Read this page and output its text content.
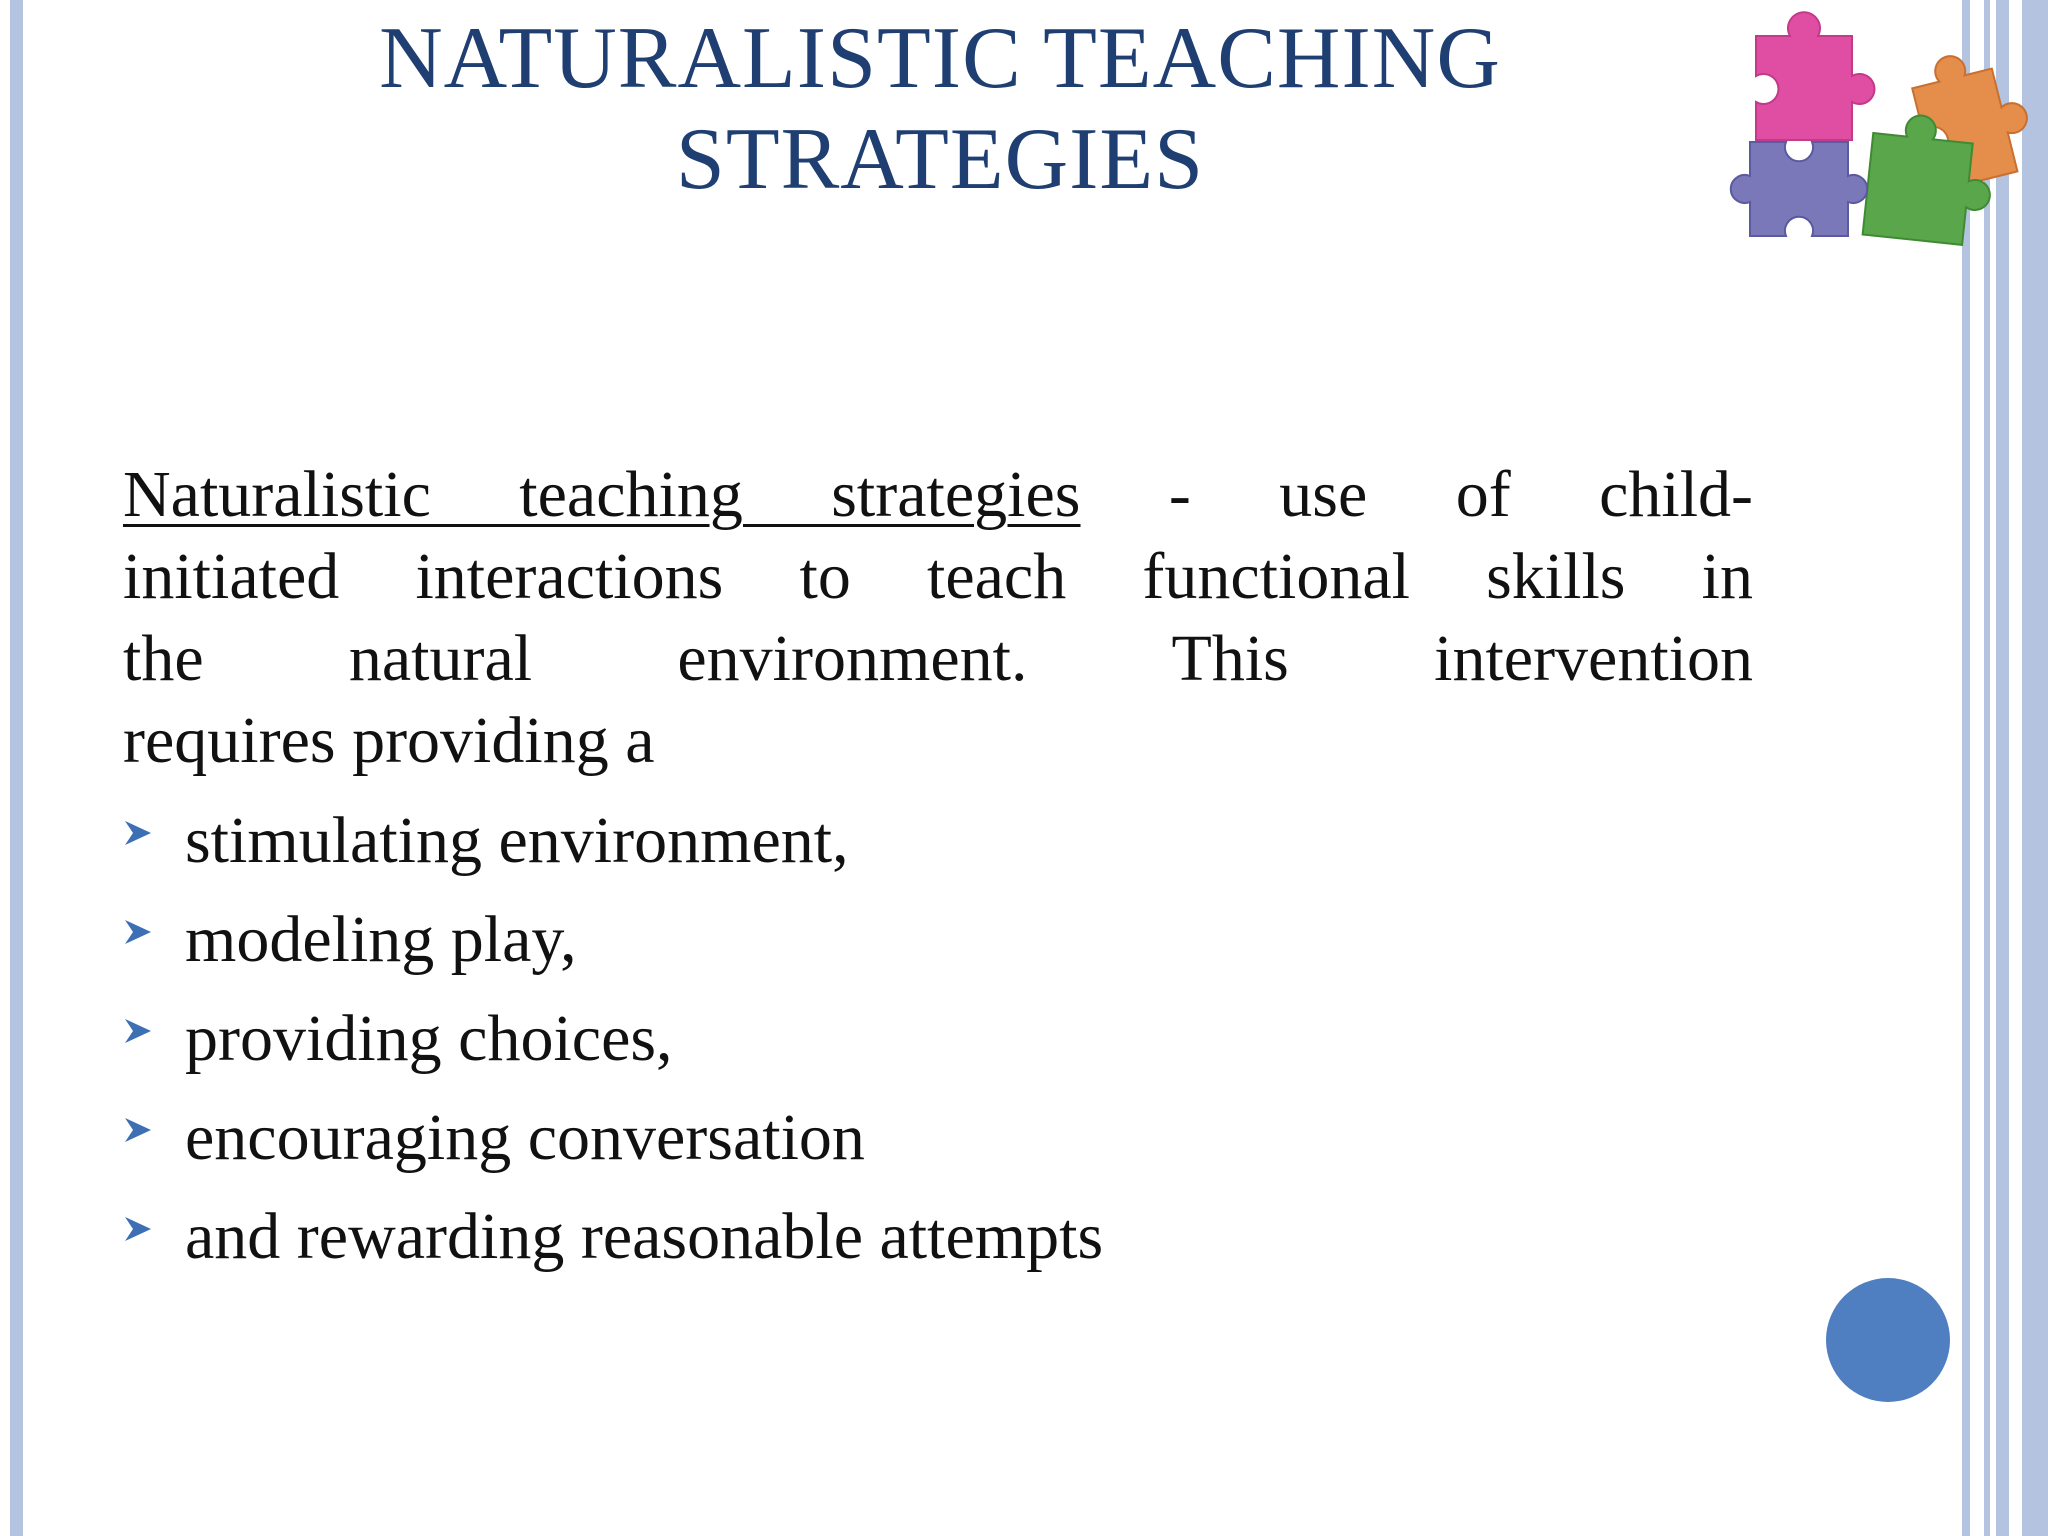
NATURALISTIC TEACHING
STRATEGIES
Naturalistic teaching strategies - use of child-
initiated interactions to teach functional skills in
the natural environment. This intervention
requires providing a
stimulating environment,
modeling play,
providing choices,
encouraging conversation
and rewarding reasonable attempts
